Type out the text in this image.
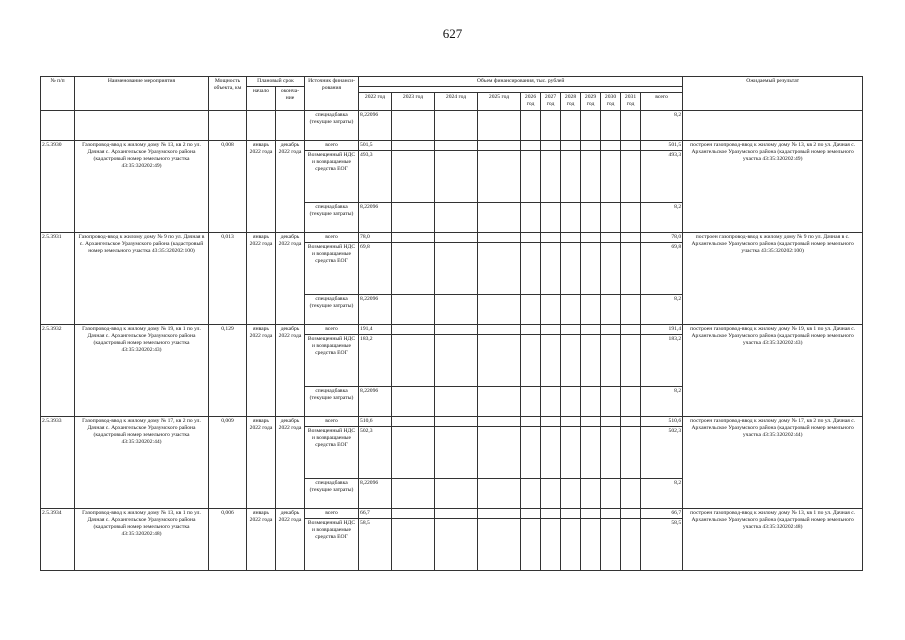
627
№ п/п	Наименование мероприятия	Мощность объекта, км	Плановый срок		Источник финанси- рования	Объем финансирования, тыс. рублей											Ожидаемый результат
			начало	оконча- ние													
						2022 год	2023 год	2024 год	2025 год	2026 год	2027 год	2028 год	2029 год	2030 год	2031 год	всего	
					спецнадбавка (текущие затраты)	8,22096										8,2	
2.5.3930	Газопровод-ввод к жилому дому № 13, кв 2 по ул. Дачная с. Архангельское Уразумского района (кадастровый номер земельного участка 43:35:320202:49)	0,008	январь 2022 года	декабрь 2022 года	всего	501,5										501,5	построен газопровод-ввод к жилому дому № 13, кв 2 по ул. Дачная с. Архангельское Уразумского района (кадастровый номер земельного участка 43:35:320202:49)
					Возмещенный НДС и возвращаемые средства ЕОГ	493,3										493,3	
					спецнадбавка (текущие затраты)	8,22096										8,2	
2.5.3931	Газопровод-ввод к жилому дому № 9 по ул. Дачная в с. Архангельское Уразумского района (кадастровый номер земельного участка 43:35:320202:100)	0,013	январь 2022 года	декабрь 2022 года	всего	78,0										78,0	построен газопровод-ввод к жилому дому № 9 по ул. Дачная в с. Архангельское Уразумского района (кадастровый номер земельного участка 43:35:320202:100)
					Возмещенный НДС и возвращаемые средства ЕОГ	69,8										69,8	
					спецнадбавка (текущие затраты)	8,22096										8,2	
2.5.3932	Газопровод-ввод к жилому дому № 19, кв 1 по ул. Дачная с. Архангельское Уразумского района (кадастровый номер земельного участка 43:35:320202:43)	0,129	январь 2022 года	декабрь 2022 года	всего	191,4										191,4	построен газопровод-ввод к жилому дому № 19, кв 1 по ул. Дачная с. Архангельское Уразумского района (кадастровый номер земельного участка 43:35:320202:43)
					Возмещенный НДС и возвращаемые средства ЕОГ	183,2										183,2	
					спецнадбавка (текущие затраты)	8,22096										8,2	
2.5.3933	Газопровод-ввод к жилому дому № 17, кв 2 по ул. Дачная с. Архангельское Уразумского района (кадастровый номер земельного участка 43:35:320202:44)	0,009	январь 2022 года	декабрь 2022 года	всего	510,6										510,6	построен газопровод-ввод к жилому дому № 17, кв 2 по ул. Дачная с. Архангельское Уразумского района (кадастровый номер земельного участка 43:35:320202:44)
					Возмещенный НДС и возвращаемые средства ЕОГ	502,3										502,3	
					спецнадбавка (текущие затраты)	8,22096										8,2	
2.5.3934	Газопровод-ввод к жилому дому № 13, кв 1 по ул. Дачная с. Архангельское Уразумского района (кадастровый номер земельного участка 43:35:320202:48)	0,006	январь 2022 года	декабрь 2022 года	всего	66,7										66,7	построен газопровод-ввод к жилому дому № 13, кв 1 по ул. Дачная с. Архангельское Уразумского района (кадастровый номер земельного участка 43:35:320202:48)
					Возмещенный НДС и возвращаемые средства ЕОГ	58,5										58,5	
